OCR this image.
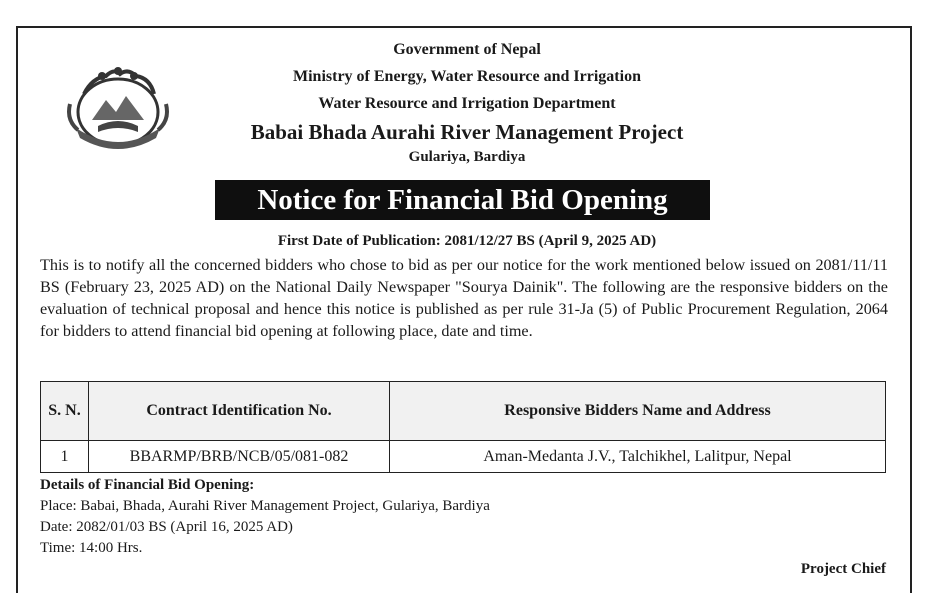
Government of Nepal
Ministry of Energy, Water Resource and Irrigation
Water Resource and Irrigation Department
Babai Bhada Aurahi River Management Project
Gulariya, Bardiya
Notice for Financial Bid Opening
First Date of Publication: 2081/12/27 BS (April 9, 2025 AD)
This is to notify all the concerned bidders who chose to bid as per our notice for the work mentioned below issued on 2081/11/11 BS (February 23, 2025 AD) on the National Daily Newspaper "Sourya Dainik". The following are the responsive bidders on the evaluation of technical proposal and hence this notice is published as per rule 31-Ja (5) of Public Procurement Regulation, 2064 for bidders to attend financial bid opening at following place, date and time.
S. N.	Contract Identification No.	Responsive Bidders Name and Address
1	BBARMP/BRB/NCB/05/081-082	Aman-Medanta J.V., Talchikhel, Lalitpur, Nepal
Details of Financial Bid Opening:
Place: Babai, Bhada, Aurahi River Management Project, Gulariya, Bardiya
Date: 2082/01/03 BS (April 16, 2025 AD)
Time: 14:00 Hrs.
Project Chief
